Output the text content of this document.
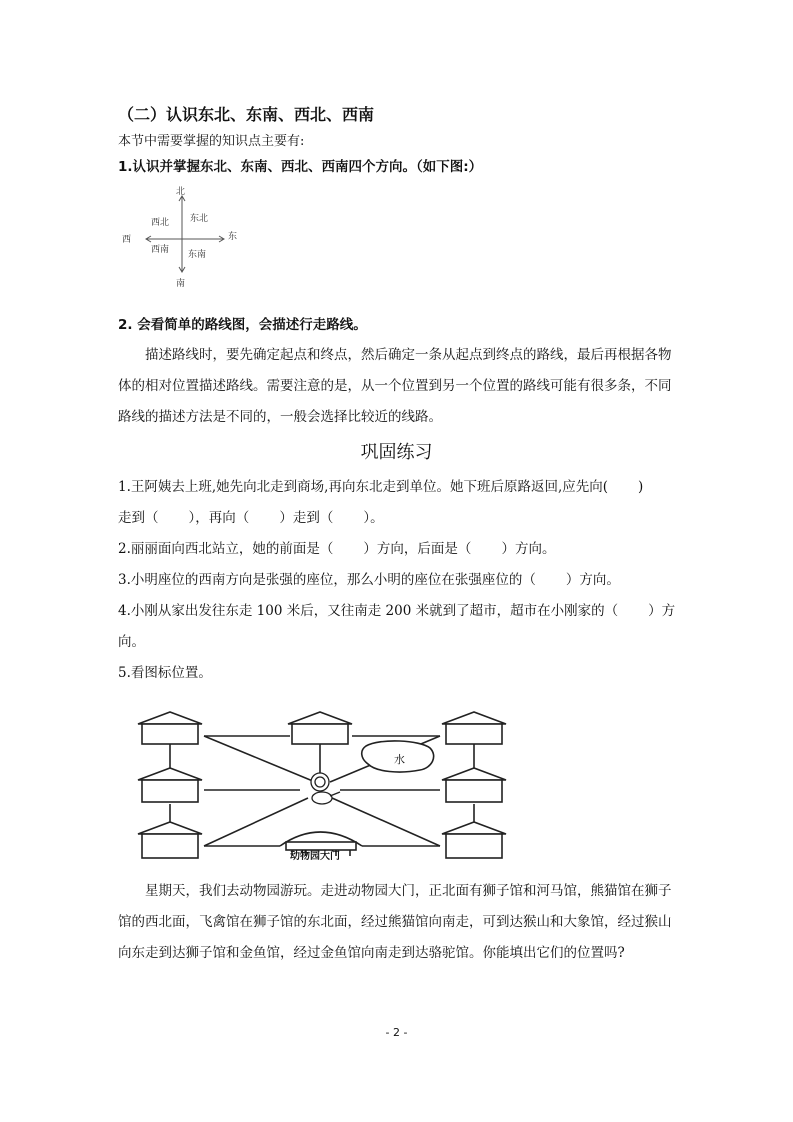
（二）认识东北、东南、西北、西南
本节中需要掌握的知识点主要有:
1.认识并掌握东北、东南、西北、西南四个方向。（如下图:）
北
南
西	东
西北 东北
西南 东南
2. 会看简单的路线图，会描述行走路线。
描述路线时，要先确定起点和终点，然后确定一条从起点到终点的路线，最后再根据各物体的相对位置描述路线。需要注意的是，从一个位置到另一个位置的路线可能有很多条，不同路线的描述方法是不同的，一般会选择比较近的线路。
巩固练习
1.王阿姨去上班,她先向北走到商场,再向东北走到单位。她下班后原路返回,应先向(       )
走到（       ），再向（       ）走到（       ）。
2.丽丽面向西北站立，她的前面是（       ）方向，后面是（       ）方向。
3.小明座位的西南方向是张强的座位，那么小明的座位在张强座位的（       ）方向。
4.小刚从家出发往东走 100 米后，又往南走 200 米就到了超市，超市在小刚家的（       ）方
向。
5.看图标位置。
水
动物园大门
星期天，我们去动物园游玩。走进动物园大门，正北面有狮子馆和河马馆，熊猫馆在狮子馆的西北面，飞禽馆在狮子馆的东北面，经过熊猫馆向南走，可到达猴山和大象馆，经过猴山向东走到达狮子馆和金鱼馆，经过金鱼馆向南走到达骆驼馆。你能填出它们的位置吗?
- 2 -
